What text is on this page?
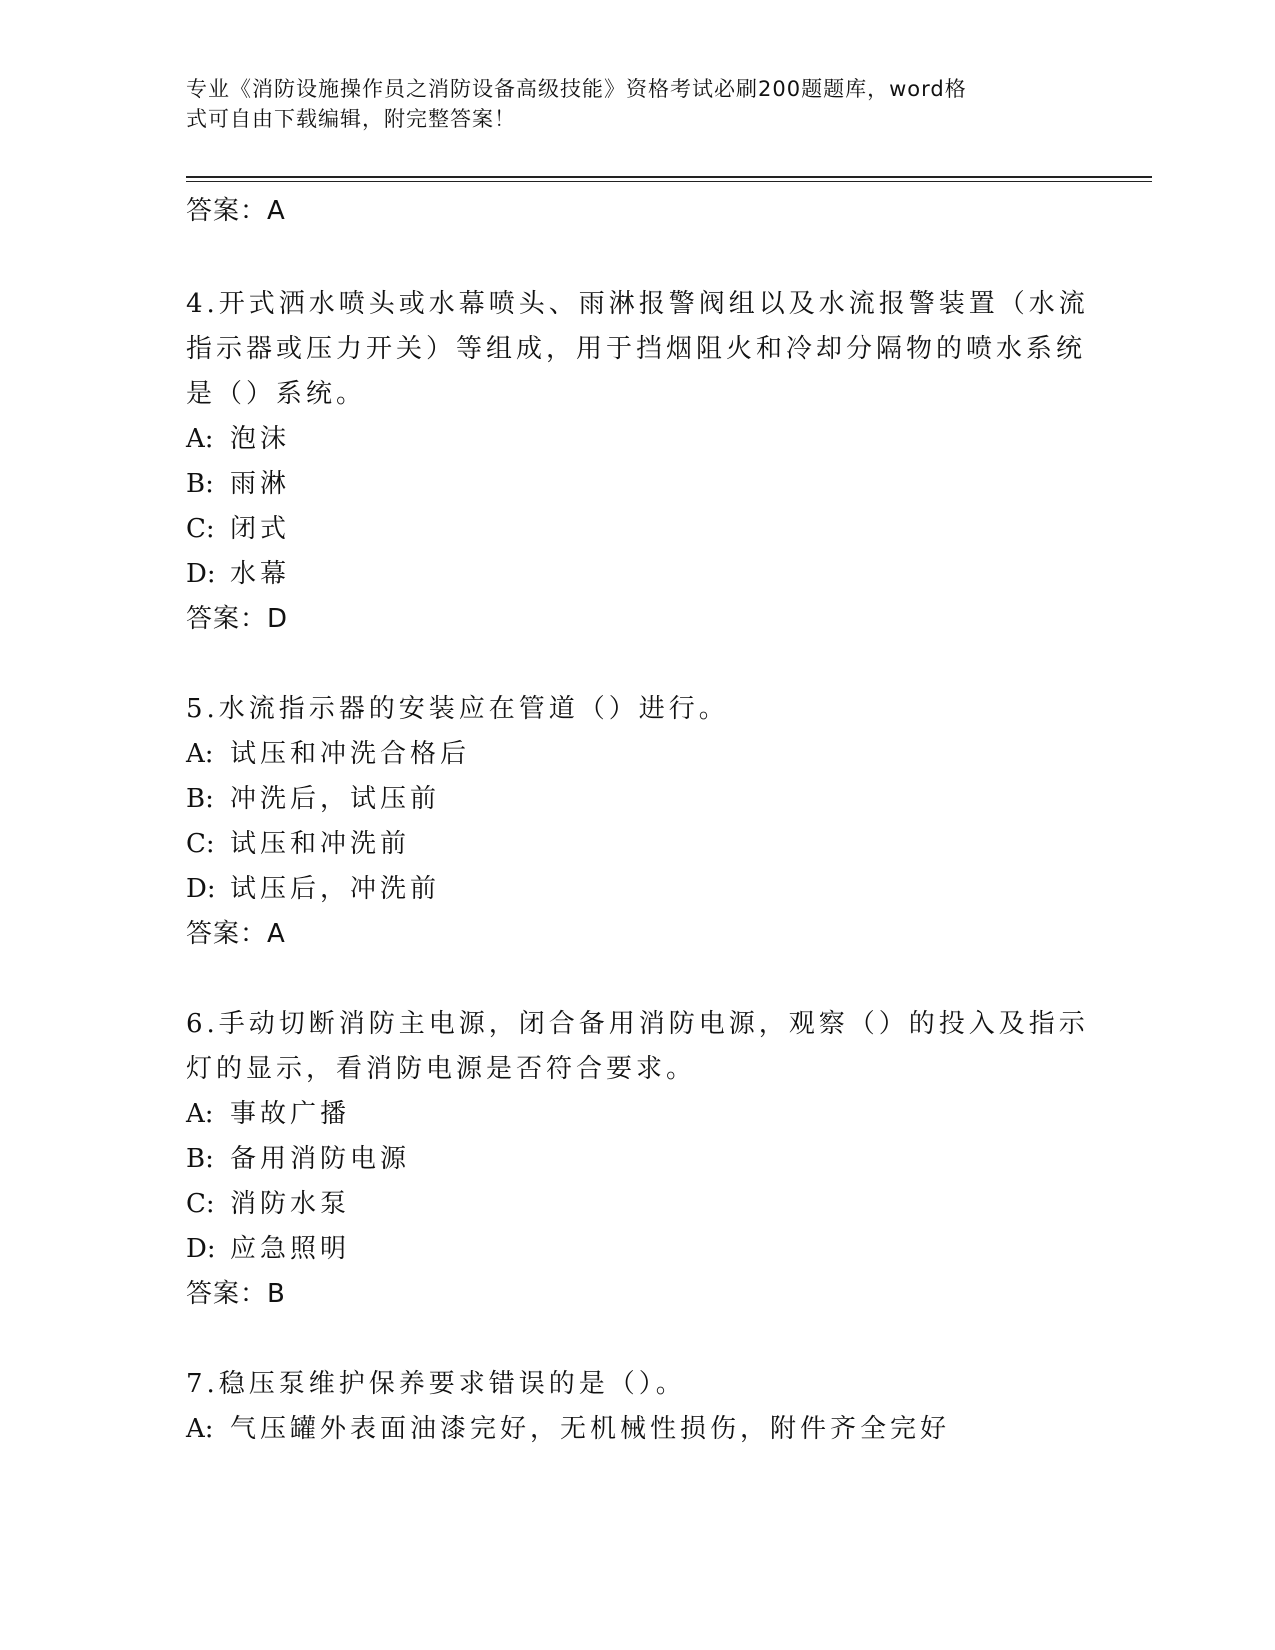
专业《消防设施操作员之消防设备高级技能》资格考试必刷200题题库，word格
式可自由下载编辑，附完整答案！
答案：A
4.开式洒水喷头或水幕喷头、雨淋报警阀组以及水流报警装置（水流
指示器或压力开关）等组成，用于挡烟阻火和冷却分隔物的喷水系统
是（）系统。
A: 泡沫
B: 雨淋
C: 闭式
D: 水幕
答案：D
5.水流指示器的安装应在管道（）进行。
A: 试压和冲洗合格后
B: 冲洗后，试压前
C: 试压和冲洗前
D: 试压后，冲洗前
答案：A
6.手动切断消防主电源，闭合备用消防电源，观察（）的投入及指示
灯的显示，看消防电源是否符合要求。
A: 事故广播
B: 备用消防电源
C: 消防水泵
D: 应急照明
答案：B
7.稳压泵维护保养要求错误的是（）。
A: 气压罐外表面油漆完好，无机械性损伤，附件齐全完好
